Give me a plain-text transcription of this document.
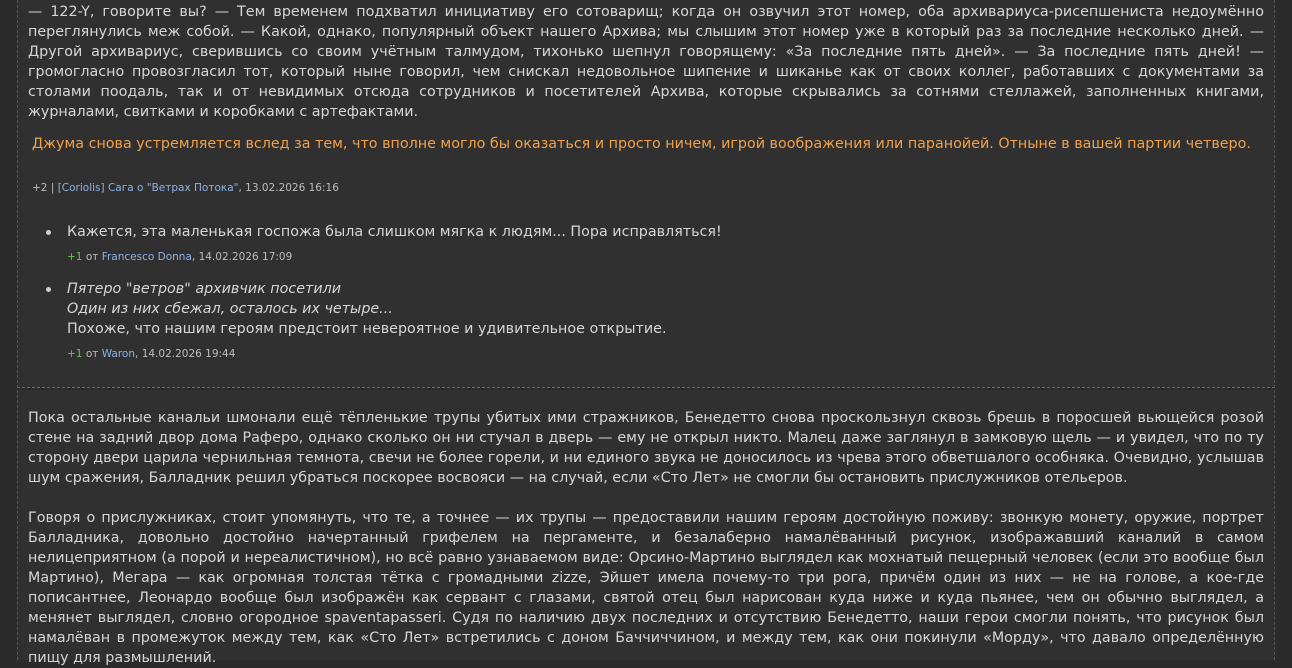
— 122-Y, говорите вы? — Тем временем подхватил инициативу его сотоварищ; когда он озвучил этот номер, оба архивариуса-рисепшениста недоумённо переглянулись меж собой. — Какой, однако, популярный объект нашего Архива; мы слышим этот номер уже в который раз за последние несколько дней. — Другой архивариус, сверившись со своим учётным талмудом, тихонько шепнул говорящему: «За последние пять дней». — За последние пять дней! — громогласно провозгласил тот, который ныне говорил, чем снискал недовольное шипение и шиканье как от своих коллег, работавших с документами за столами поодаль, так и от невидимых отсюда сотрудников и посетителей Архива, которые скрывались за сотнями стеллажей, заполненных книгами, журналами, свитками и коробками с артефактами.

Джума снова устремляется вслед за тем, что вполне могло бы оказаться и просто ничем, игрой воображения или паранойей. Отныне в вашей партии четверо.

+2 | [Coriolis] Сага о "Ветрах Потока", 13.02.2026 16:16
Кажется, эта маленькая госпожа была слишком мягка к людям... Пора исправляться!
+1 от Francesco Donna, 14.02.2026 17:09
Пятеро "ветров" архивчик посетили
Один из них сбежал, осталось их четыре...
Похоже, что нашим героям предстоит невероятное и удивительное открытие.
+1 от Waron, 14.02.2026 19:44

Пока остальные канальи шмонали ещё тёпленькие трупы убитых ими стражников, Бенедетто снова проскользнул сквозь брешь в поросшей вьющейся розой стене на задний двор дома Раферо, однако сколько он ни стучал в дверь — ему не открыл никто. Малец даже заглянул в замковую щель — и увидел, что по ту сторону двери царила чернильная темнота, свечи не более горели, и ни единого звука не доносилось из чрева этого обветшалого особняка. Очевидно, услышав шум сражения, Балладник решил убраться поскорее восвояси — на случай, если «Сто Лет» не смогли бы остановить прислужников отельеров.

Говоря о прислужниках, стоит упомянуть, что те, а точнее — их трупы — предоставили нашим героям достойную поживу: звонкую монету, оружие, портрет Балладника, довольно достойно начертанный грифелем на пергаменте, и безалаберно намалёванный рисунок, изображавший каналий в самом нелицеприятном (а порой и нереалистичном), но всё равно узнаваемом виде: Орсино-Мартино выглядел как мохнатый пещерный человек (если это вообще был Мартино), Мегара — как огромная толстая тётка с громадными zizze, Эйшет имела почему-то три рога, причём один из них — не на голове, а кое-где пописантнее, Леонардо вообще был изображён как сервант с глазами, святой отец был нарисован куда ниже и куда пьянее, чем он обычно выглядел, а менянет выглядел, словно огородное spaventapasseri. Судя по наличию двух последних и отсутствию Бенедетто, наши герои смогли понять, что рисунок был намалёван в промежуток между тем, как «Сто Лет» встретились с доном Баччиччином, и между тем, как они покинули «Морду», что давало определённую пищу для размышлений.
